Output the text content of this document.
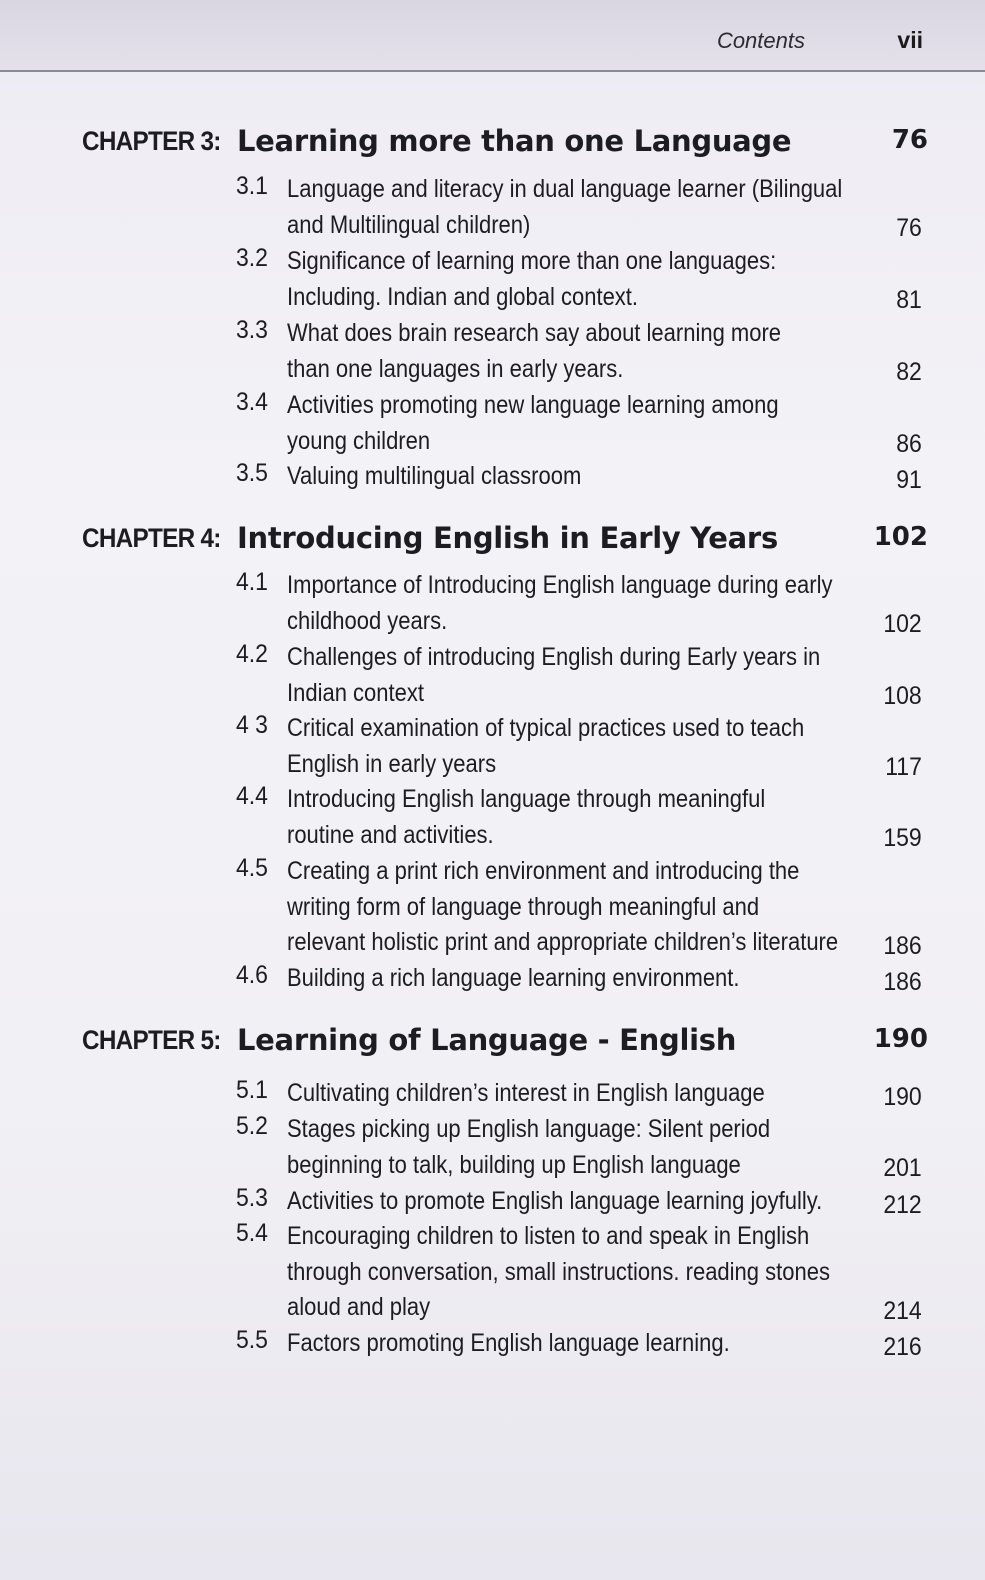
Contents	vii
CHAPTER 3: Learning more than one Language	76
3.1 Language and literacy in dual language learner (Bilingual
and Multilingual children)	76
3.2 Significance of learning more than one languages:
Including. Indian and global context.	81
3.3 What does brain research say about learning more
than one languages in early years.	82
3.4 Activities promoting new language learning among
young children	86
3.5 Valuing multilingual classroom	91
CHAPTER 4: Introducing English in Early Years	102
4.1 Importance of Introducing English language during early
childhood years.	102
4.2 Challenges of introducing English during Early years in
Indian context	108
4 3 Critical examination of typical practices used to teach
English in early years	117
4.4 Introducing English language through meaningful
routine and activities.	159
4.5 Creating a print rich environment and introducing the
writing form of language through meaningful and
relevant holistic print and appropriate children’s literature 186
4.6 Building a rich language learning environment.	186
CHAPTER 5: Learning of Language - English	190
5.1 Cultivating children’s interest in English language	190
5.2 Stages picking up English language: Silent period
beginning to talk, building up English language	201
5.3 Activities to promote English language learning joyfully. 212
5.4 Encouraging children to listen to and speak in English
through conversation, small instructions. reading stones
aloud and play	214
5.5 Factors promoting English language learning.	216
